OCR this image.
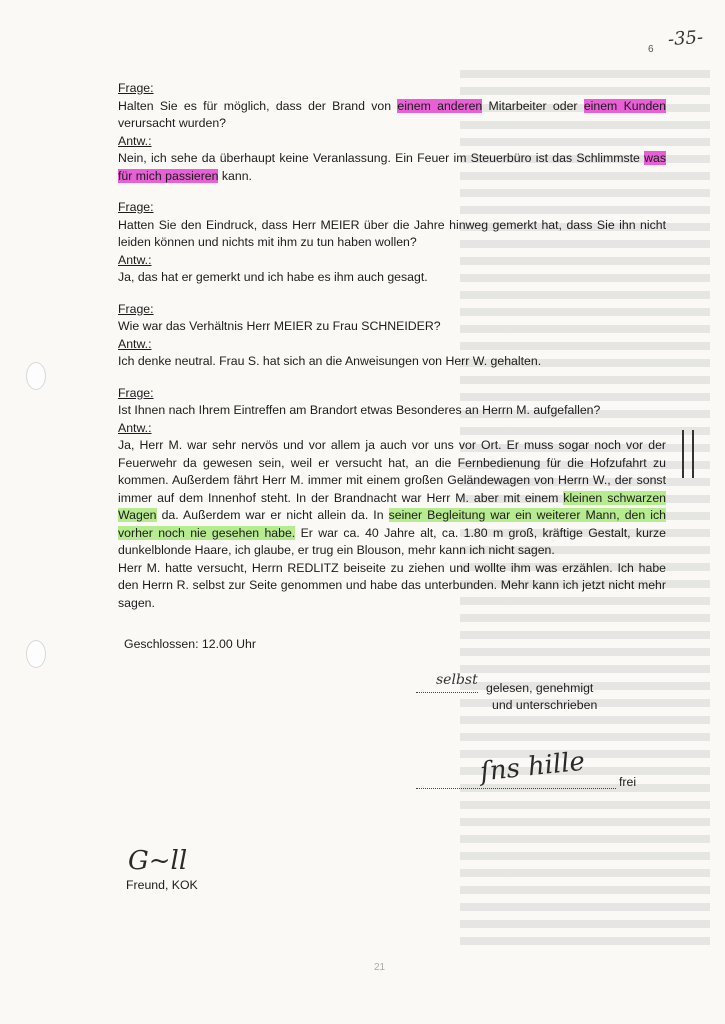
-35-
6
Frage:
Halten Sie es für möglich, dass der Brand von einem anderen Mitarbeiter oder einem Kunden verursacht wurden?
Antw.:
Nein, ich sehe da überhaupt keine Veranlassung. Ein Feuer im Steuerbüro ist das Schlimmste was für mich passieren kann.
Frage:
Hatten Sie den Eindruck, dass Herr MEIER über die Jahre hinweg gemerkt hat, dass Sie ihn nicht leiden können und nichts mit ihm zu tun haben wollen?
Antw.:
Ja, das hat er gemerkt und ich habe es ihm auch gesagt.
Frage:
Wie war das Verhältnis Herr MEIER zu Frau SCHNEIDER?
Antw.:
Ich denke neutral. Frau S. hat sich an die Anweisungen von Herr W. gehalten.
Frage:
Ist Ihnen nach Ihrem Eintreffen am Brandort etwas Besonderes an Herrn M. aufgefallen?
Antw.:
Ja, Herr M. war sehr nervös und vor allem ja auch vor uns vor Ort. Er muss sogar noch vor der Feuerwehr da gewesen sein, weil er versucht hat, an die Fernbedienung für die Hofzufahrt zu kommen. Außerdem fährt Herr M. immer mit einem großen Geländewagen von Herrn W., der sonst immer auf dem Innenhof steht. In der Brandnacht war Herr M. aber mit einem kleinen schwarzen Wagen da. Außerdem war er nicht allein da. In seiner Begleitung war ein weiterer Mann, den ich vorher noch nie gesehen habe. Er war ca. 40 Jahre alt, ca. 1.80 m groß, kräftige Gestalt, kurze dunkelblonde Haare, ich glaube, er trug ein Blouson, mehr kann ich nicht sagen.
Herr M. hatte versucht, Herrn REDLITZ beiseite zu ziehen und wollte ihm was erzählen. Ich habe den Herrn R. selbst zur Seite genommen und habe das unterbunden. Mehr kann ich jetzt nicht mehr sagen.
Geschlossen: 12.00 Uhr
selbst gelesen, genehmigt
und unterschrieben
ſns hille	frei
G~ll
Freund, KOK
21
